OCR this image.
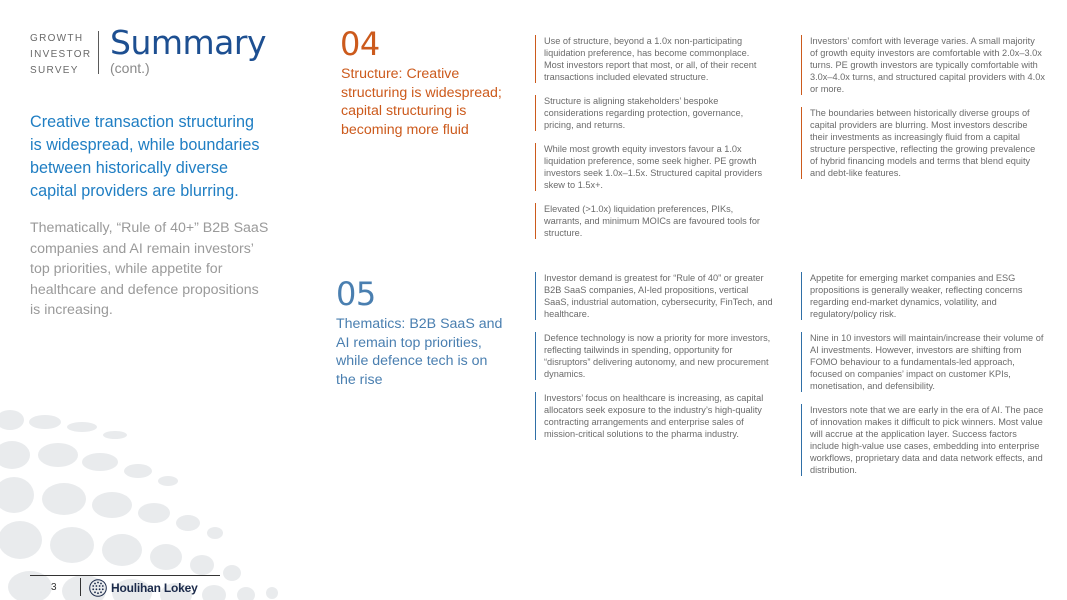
GROWTH INVESTOR SURVEY
Summary
(cont.)

Creative transaction structuring is widespread, while boundaries between historically diverse capital providers are blurring.

Thematically, “Rule of 40+” B2B SaaS companies and AI remain investors’ top priorities, while appetite for healthcare and defence propositions is increasing.

04
Structure: Creative structuring is widespread; capital structuring is becoming more fluid

Use of structure, beyond a 1.0x non-participating liquidation preference, has become commonplace. Most investors report that most, or all, of their recent transactions included elevated structure.

Structure is aligning stakeholders’ bespoke considerations regarding protection, governance, pricing, and returns.

While most growth equity investors favour a 1.0x liquidation preference, some seek higher. PE growth investors seek 1.0x–1.5x. Structured capital providers skew to 1.5x+.

Elevated (>1.0x) liquidation preferences, PIKs, warrants, and minimum MOICs are favoured tools for structure.

Investors’ comfort with leverage varies. A small majority of growth equity investors are comfortable with 2.0x–3.0x turns. PE growth investors are typically comfortable with 3.0x–4.0x turns, and structured capital providers with 4.0x or more.

The boundaries between historically diverse groups of capital providers are blurring. Most investors describe their investments as increasingly fluid from a capital structure perspective, reflecting the growing prevalence of hybrid financing models and terms that blend equity and debt-like features.

05
Thematics: B2B SaaS and AI remain top priorities, while defence tech is on the rise

Investor demand is greatest for “Rule of 40” or greater B2B SaaS companies, AI-led propositions, vertical SaaS, industrial automation, cybersecurity, FinTech, and healthcare.

Defence technology is now a priority for more investors, reflecting tailwinds in spending, opportunity for “disruptors” delivering autonomy, and new procurement dynamics.

Investors’ focus on healthcare is increasing, as capital allocators seek exposure to the industry’s high-quality contracting arrangements and enterprise sales of mission-critical solutions to the pharma industry.

Appetite for emerging market companies and ESG propositions is generally weaker, reflecting concerns regarding end-market dynamics, volatility, and regulatory/policy risk.

Nine in 10 investors will maintain/increase their volume of AI investments. However, investors are shifting from FOMO behaviour to a fundamentals-led approach, focused on companies’ impact on customer KPIs, monetisation, and defensibility.

Investors note that we are early in the era of AI. The pace of innovation makes it difficult to pick winners. Most value will accrue at the application layer. Success factors include high-value use cases, embedding into enterprise workflows, proprietary data and data network effects, and distribution.

3	Houlihan Lokey
